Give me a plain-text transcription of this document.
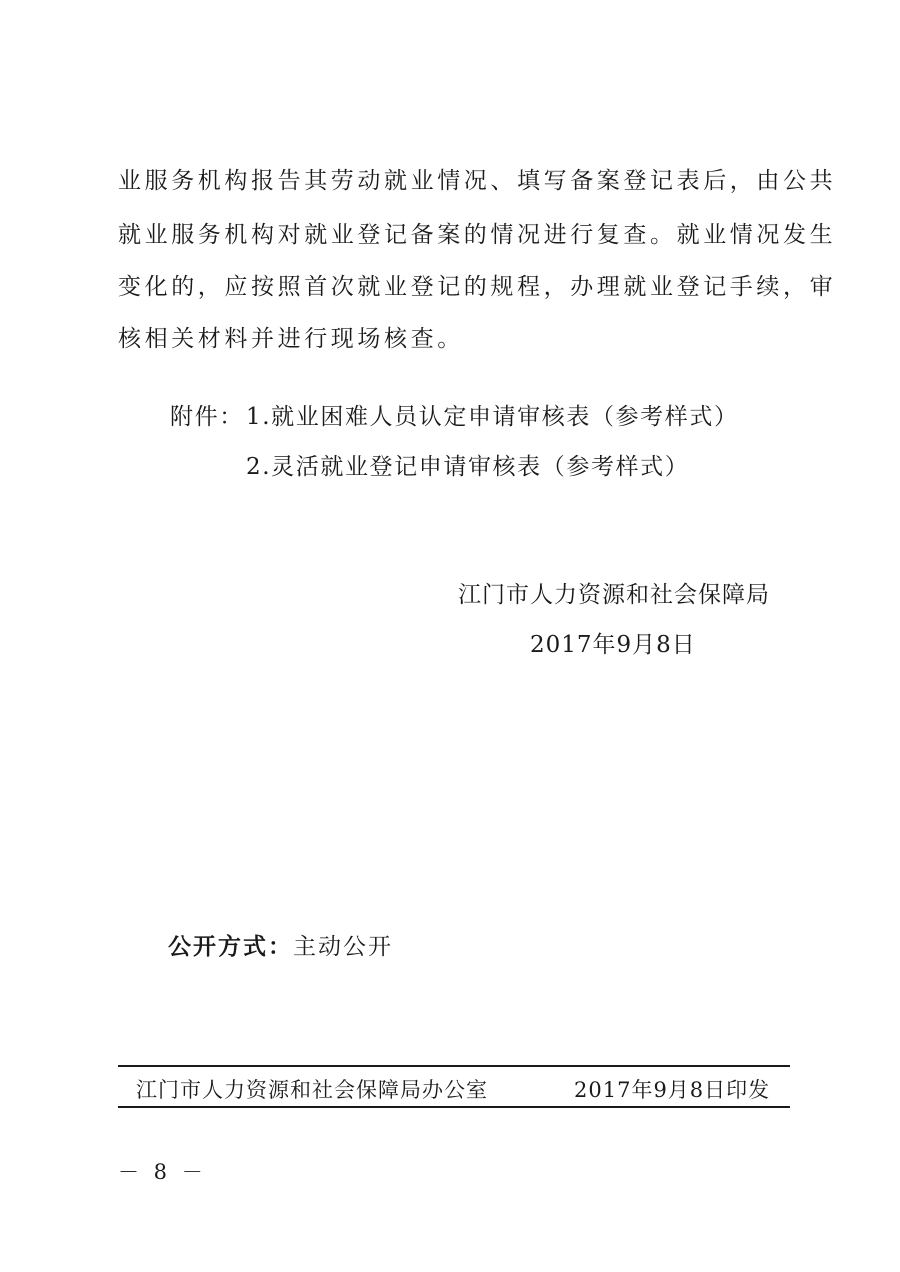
业服务机构报告其劳动就业情况、填写备案登记表后，由公共
就业服务机构对就业登记备案的情况进行复查。就业情况发生
变化的，应按照首次就业登记的规程，办理就业登记手续，审
核相关材料并进行现场核查。
附件： 1.就业困难人员认定申请审核表（参考样式）
2.灵活就业登记申请审核表（参考样式）
江门市人力资源和社会保障局
2017年9月8日
公开方式：主动公开
江门市人力资源和社会保障局办公室	2017年9月8日印发
－ 8 －
